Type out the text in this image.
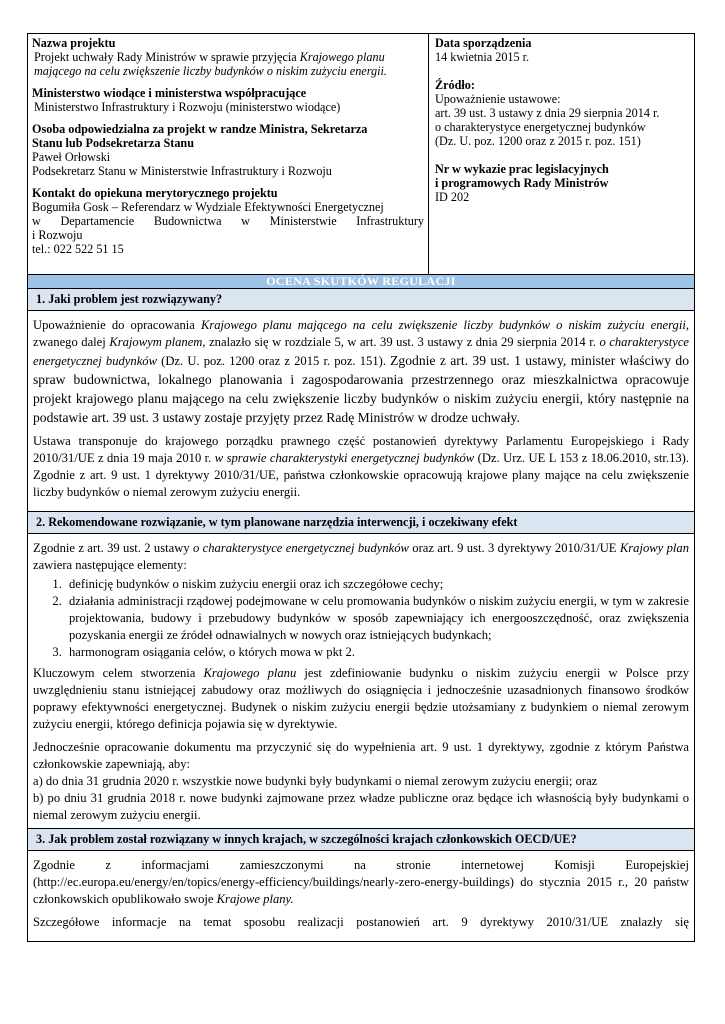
Nazwa projektu
Projekt uchwały Rady Ministrów w sprawie przyjęcia Krajowego planu
mającego na celu zwiększenie liczby budynków o niskim zużyciu energii.
Ministerstwo wiodące i ministerstwa współpracujące
Ministerstwo Infrastruktury i Rozwoju (ministerstwo wiodące)
Osoba odpowiedzialna za projekt w randze Ministra, Sekretarza
Stanu lub Podsekretarza Stanu
Paweł Orłowski
Podsekretarz Stanu w Ministerstwie Infrastruktury i Rozwoju
Kontakt do opiekuna merytorycznego projektu
Bogumiła Gosk – Referendarz w Wydziale Efektywności Energetycznej
w Departamencie Budownictwa w Ministerstwie Infrastruktury
i Rozwoju
tel.: 022 522 51 15
Data sporządzenia
14 kwietnia 2015 r.
Źródło:
Upoważnienie ustawowe:
art. 39 ust. 3 ustawy z dnia 29 sierpnia 2014 r.
o charakterystyce energetycznej budynków
(Dz. U. poz. 1200 oraz z 2015 r. poz. 151)
Nr w wykazie prac legislacyjnych
i programowych Rady Ministrów
ID 202
OCENA SKUTKÓW REGULACJI
1. Jaki problem jest rozwiązywany?

Upoważnienie do opracowania Krajowego planu mającego na celu zwiększenie liczby budynków o niskim zużyciu energii, zwanego dalej Krajowym planem, znalazło się w rozdziale 5, w art. 39 ust. 3 ustawy z dnia 29 sierpnia 2014 r. o charakterystyce energetycznej budynków (Dz. U. poz. 1200 oraz z 2015 r. poz. 151). Zgodnie z art. 39 ust. 1 ustawy, minister właściwy do spraw budownictwa, lokalnego planowania i zagospodarowania przestrzennego oraz mieszkalnictwa opracowuje projekt krajowego planu mającego na celu zwiększenie liczby budynków o niskim zużyciu energii, który następnie na podstawie art. 39 ust. 3 ustawy zostaje przyjęty przez Radę Ministrów w drodze uchwały.

Ustawa transponuje do krajowego porządku prawnego część postanowień dyrektywy Parlamentu Europejskiego i Rady 2010/31/UE z dnia 19 maja 2010 r. w sprawie charakterystyki energetycznej budynków (Dz. Urz. UE L 153 z 18.06.2010, str.13). Zgodnie z art. 9 ust. 1 dyrektywy 2010/31/UE, państwa członkowskie opracowują krajowe plany mające na celu zwiększenie liczby budynków o niemal zerowym zużyciu energii.

2. Rekomendowane rozwiązanie, w tym planowane narzędzia interwencji, i oczekiwany efekt

Zgodnie z art. 39 ust. 2 ustawy o charakterystyce energetycznej budynków oraz art. 9 ust. 3 dyrektywy 2010/31/UE Krajowy plan zawiera następujące elementy:

1. definicję budynków o niskim zużyciu energii oraz ich szczegółowe cechy;
2. działania administracji rządowej podejmowane w celu promowania budynków o niskim zużyciu energii, w tym w zakresie projektowania, budowy i przebudowy budynków w sposób zapewniający ich energooszczędność, oraz zwiększenia pozyskania energii ze źródeł odnawialnych w nowych oraz istniejących budynkach;
3. harmonogram osiągania celów, o których mowa w pkt 2.

Kluczowym celem stworzenia Krajowego planu jest zdefiniowanie budynku o niskim zużyciu energii w Polsce przy uwzględnieniu stanu istniejącej zabudowy oraz możliwych do osiągnięcia i jednocześnie uzasadnionych finansowo środków poprawy efektywności energetycznej. Budynek o niskim zużyciu energii będzie utożsamiany z budynkiem o niemal zerowym zużyciu energii, którego definicja pojawia się w dyrektywie.

Jednocześnie opracowanie dokumentu ma przyczynić się do wypełnienia art. 9 ust. 1 dyrektywy, zgodnie z którym Państwa członkowskie zapewniają, aby:

a) do dnia 31 grudnia 2020 r. wszystkie nowe budynki były budynkami o niemal zerowym zużyciu energii; oraz
b) po dniu 31 grudnia 2018 r. nowe budynki zajmowane przez władze publiczne oraz będące ich własnością były budynkami o niemal zerowym zużyciu energii.
3. Jak problem został rozwiązany w innych krajach, w szczególności krajach członkowskich OECD/UE?

Zgodnie z informacjami zamieszczonymi na stronie internetowej Komisji Europejskiej (http://ec.europa.eu/energy/en/topics/energy-efficiency/buildings/nearly-zero-energy-buildings) do stycznia 2015 r., 20 państw członkowskich opublikowało swoje Krajowe plany.

Szczegółowe informacje na temat sposobu realizacji postanowień art. 9 dyrektywy 2010/31/UE znalazły się
